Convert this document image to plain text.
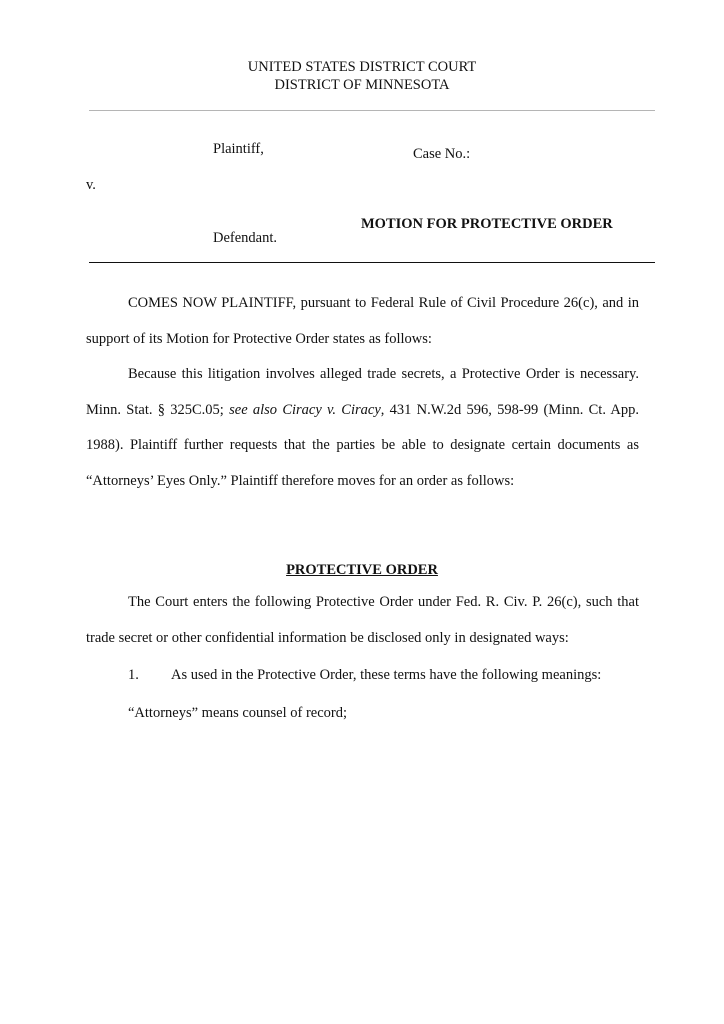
UNITED STATES DISTRICT COURT
DISTRICT OF MINNESOTA
Plaintiff,	Case No.:
v.
MOTION FOR PROTECTIVE ORDER
Defendant.
COMES NOW PLAINTIFF, pursuant to Federal Rule of Civil Procedure 26(c), and in support of its Motion for Protective Order states as follows:
Because this litigation involves alleged trade secrets, a Protective Order is necessary. Minn. Stat. § 325C.05; see also Ciracy v. Ciracy, 431 N.W.2d 596, 598-99 (Minn. Ct. App. 1988). Plaintiff further requests that the parties be able to designate certain documents as “Attorneys’ Eyes Only.” Plaintiff therefore moves for an order as follows:
PROTECTIVE ORDER
The Court enters the following Protective Order under Fed. R. Civ. P. 26(c), such that trade secret or other confidential information be disclosed only in designated ways:
1. As used in the Protective Order, these terms have the following meanings:
“Attorneys” means counsel of record;
